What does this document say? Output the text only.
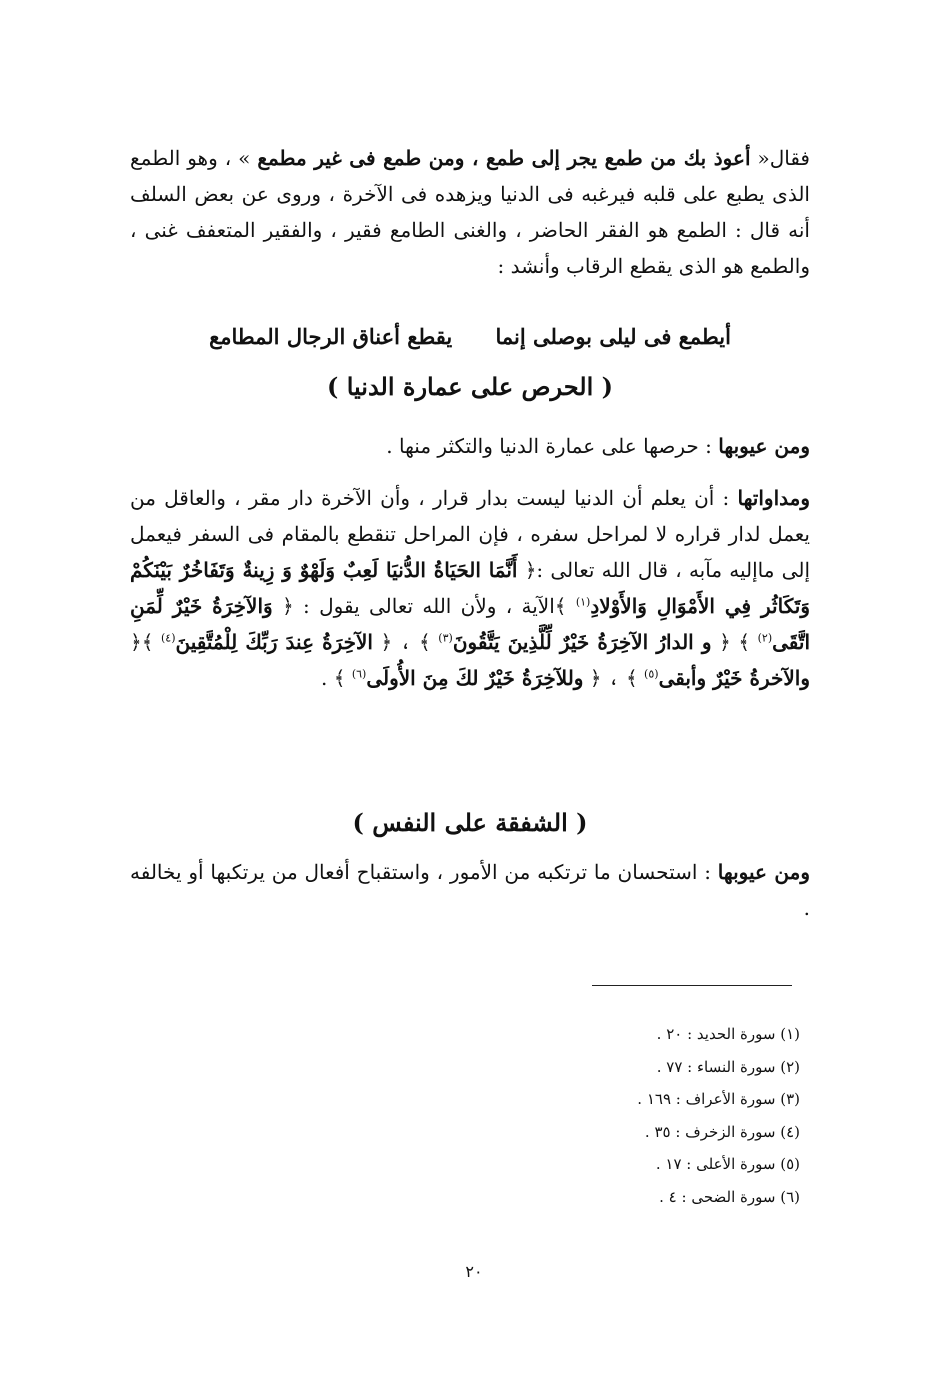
فقال« أعوذ بك من طمع يجر إلى طمع ، ومن طمع فى غير مطمع » ، وهو الطمع الذى يطبع على قلبه فيرغبه فى الدنيا ويزهده فى الآخرة ، وروى عن بعض السلف أنه قال : الطمع هو الفقر الحاضر ، والغنى الطامع فقير ، والفقير المتعفف غنى ، والطمع هو الذى يقطع الرقاب وأنشد :

أيطمع فى ليلى بوصلى إنما يقطع أعناق الرجال المطامع
( الحرص على عمارة الدنيا )

ومن عيوبها : حرصها على عمارة الدنيا والتكثر منها .

ومداواتها : أن يعلم أن الدنيا ليست بدار قرار ، وأن الآخرة دار مقر ، والعاقل من يعمل لدار قراره لا لمراحل سفره ، فإن المراحل تنقطع بالمقام فى السفر فيعمل إلى ماإليه مآبه ، قال الله تعالى :﴿ أَنَّمَا الحَيَاةُ الدُّنيَا لَعِبٌ وَلَهْوٌ وَ زِينةٌ وَتَفَاخُرٌ بَيْنَكُمْ وَتَكَاثُر فِي الأَمْوَالِ وَالأَوْلادِ$^{(١)}$ ﴾الآية ، ولأن الله تعالى يقول : ﴿ وَالآخِرَةُ خَيْرٌ لِّمَنِ اتَّقَى$^{(٢)}$ ﴾ ﴿ و الدارُ الآخِرَةُ خَيْرٌ لِّلَّذِينَ يَتَّقُونَ$^{(٣)}$ ﴾ ، ﴿ الآخِرَةُ عِندَ رَبِّكَ لِلْمُتَّقِينَ$^{(٤)}$ ﴾﴿ والآخرةُ خَيْرٌ وأبقى$^{(٥)}$ ﴾ ، ﴿ وللآخِرَةُ خَيْرٌ لكَ مِنَ الأُولَى$^{(٦)}$ ﴾ .

( الشفقة على النفس )

ومن عيوبها : استحسان ما ترتكبه من الأمور ، واستقباح أفعال من يرتكبها أو يخالفه .

(١) سورة الحديد : ٢٠ .
(٢) سورة النساء : ٧٧ .
(٣) سورة الأعراف : ١٦٩ .
(٤) سورة الزخرف : ٣٥ .
(٥) سورة الأعلى : ١٧ .
(٦) سورة الضحى : ٤ .
٢٠
